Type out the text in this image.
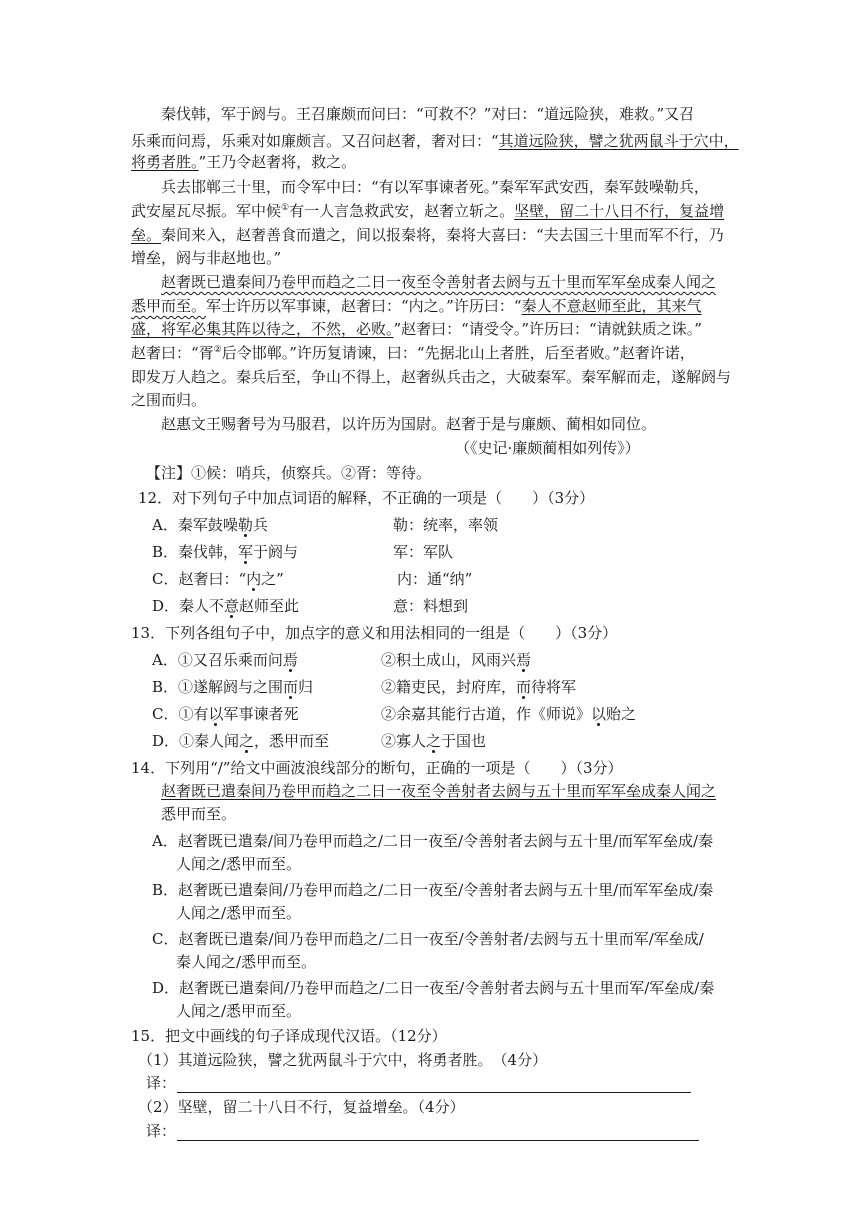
秦伐韩，军于阏与。王召廉颇而问曰：“可救不？”对曰：“道远险狭，难救。”又召
乐乘而问焉，乐乘对如廉颇言。又召问赵奢，奢对曰：“其道远险狭，譬之犹两鼠斗于穴中，
将勇者胜。”王乃令赵奢将，救之。
兵去邯郸三十里，而令军中曰：“有以军事谏者死。”秦军军武安西，秦军鼓噪勒兵，
武安屋瓦尽振。军中候①有一人言急救武安，赵奢立斩之。坚壁，留二十八日不行，复益增
垒。秦间来入，赵奢善食而遣之，间以报秦将，秦将大喜曰：“夫去国三十里而军不行，乃
增垒，阏与非赵地也。”
赵奢既已遣秦间乃卷甲而趋之二日一夜至令善射者去阏与五十里而军军垒成秦人闻之
悉甲而至。军士许历以军事谏，赵奢曰：“内之。”许历曰：“秦人不意赵师至此，其来气
盛，将军必集其阵以待之，不然，必败。”赵奢曰：“请受令。”许历曰：“请就鈇质之诛。”
赵奢曰：“胥②后令邯郸。”许历复请谏，曰：“先据北山上者胜，后至者败。”赵奢许诺，
即发万人趋之。秦兵后至，争山不得上，赵奢纵兵击之，大破秦军。秦军解而走，遂解阏与
之围而归。
赵惠文王赐奢号为马服君，以许历为国尉。赵奢于是与廉颇、蔺相如同位。
（《史记·廉颇蔺相如列传》）
【注】①候：哨兵，侦察兵。②胥：等待。
12．对下列句子中加点词语的解释，不正确的一项是（　　）（3分）
A．秦军鼓噪勒兵	勒：统率，率领
B．秦伐韩，军于阏与	军：军队
C．赵奢曰：“内之”	内：通“纳”
D．秦人不意赵师至此	意：料想到
13．下列各组句子中，加点字的意义和用法相同的一组是（　　）（3分）
A．①又召乐乘而问焉	②积土成山，风雨兴焉
B．①遂解阏与之围而归	②籍吏民，封府库，而待将军
C．①有以军事谏者死	②余嘉其能行古道，作《师说》以贻之
D．①秦人闻之，悉甲而至	②寡人之于国也
14．下列用“/”给文中画波浪线部分的断句，正确的一项是（　　）（3分）
赵奢既已遣秦间乃卷甲而趋之二日一夜至令善射者去阏与五十里而军军垒成秦人闻之
悉甲而至。
A．赵奢既已遣秦/间乃卷甲而趋之/二日一夜至/令善射者去阏与五十里/而军军垒成/秦
人闻之/悉甲而至。
B．赵奢既已遣秦间/乃卷甲而趋之/二日一夜至/令善射者去阏与五十里/而军军垒成/秦
人闻之/悉甲而至。
C．赵奢既已遣秦/间乃卷甲而趋之/二日一夜至/令善射者/去阏与五十里而军/军垒成/
秦人闻之/悉甲而至。
D．赵奢既已遣秦间/乃卷甲而趋之/二日一夜至/令善射者去阏与五十里而军/军垒成/秦
人闻之/悉甲而至。
15．把文中画线的句子译成现代汉语。（12分）
（1）其道远险狭，譬之犹两鼠斗于穴中，将勇者胜。　（4分）
译：
（2）坚壁，留二十八日不行，复益增垒。（4分）
译：
